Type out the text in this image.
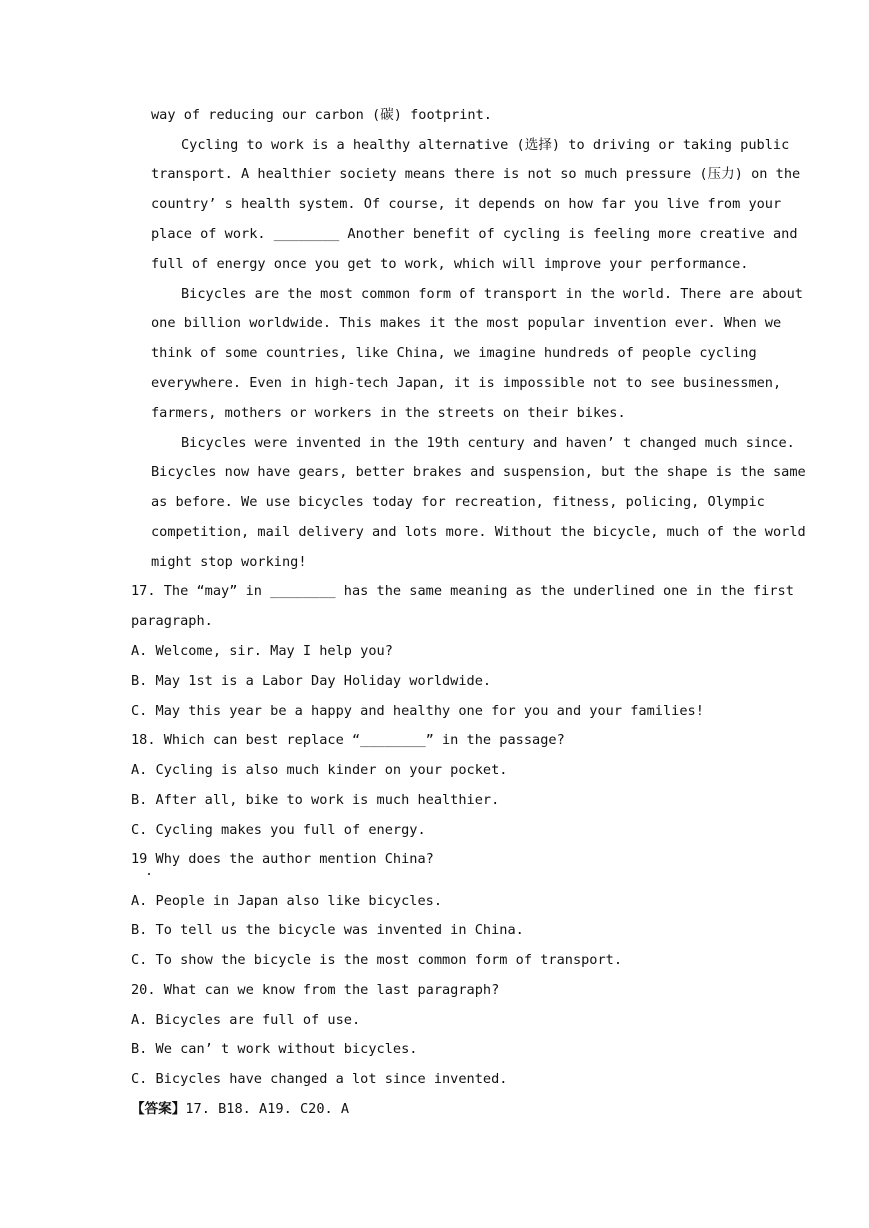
way of reducing our carbon (碳) footprint.
Cycling to work is a healthy alternative (选择) to driving or taking public
transport. A healthier society means there is not so much pressure (压力) on the
country’ s health system. Of course, it depends on how far you live from your
place of work. ________ Another benefit of cycling is feeling more creative and
full of energy once you get to work, which will improve your performance.
Bicycles are the most common form of transport in the world. There are about
one billion worldwide. This makes it the most popular invention ever. When we
think of some countries, like China, we imagine hundreds of people cycling
everywhere. Even in high-tech Japan, it is impossible not to see businessmen,
farmers, mothers or workers in the streets on their bikes.
Bicycles were invented in the 19th century and haven’ t changed much since.
Bicycles now have gears, better brakes and suspension, but the shape is the same
as before. We use bicycles today for recreation, fitness, policing, Olympic
competition, mail delivery and lots more. Without the bicycle, much of the world
might stop working!
17. The “may” in ________ has the same meaning as the underlined one in the first
paragraph.
A. Welcome, sir. May I help you?
B. May 1st is a Labor Day Holiday worldwide.
C. May this year be a happy and healthy one for you and your families!
18. Which can best replace “________” in the passage?
A. Cycling is also much kinder on your pocket.
B. After all, bike to work is much healthier.
C. Cycling makes you full of energy.
19 Why does the author mention China?
A. People in Japan also like bicycles.
B. To tell us the bicycle was invented in China.
C. To show the bicycle is the most common form of transport.
20. What can we know from the last paragraph?
A. Bicycles are full of use.
B. We can’ t work without bicycles.
C. Bicycles have changed a lot since invented.
【答案】17. B18. A19. C20. A
